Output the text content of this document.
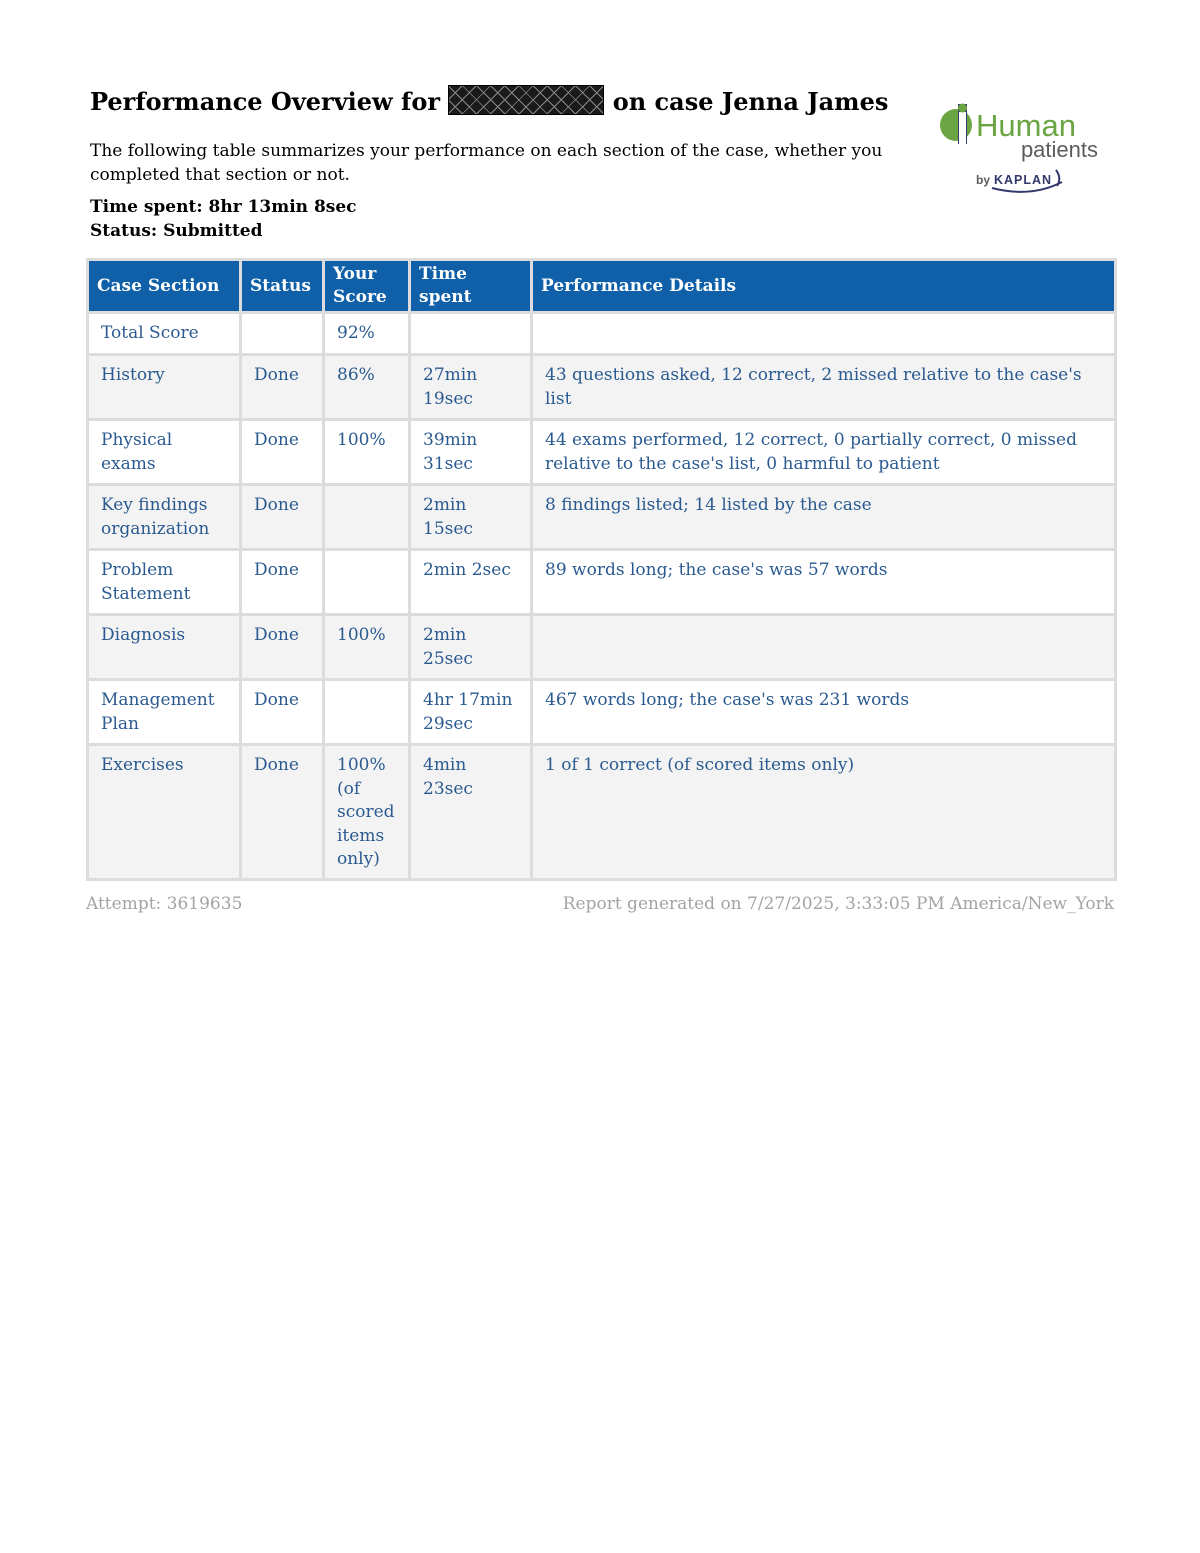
Performance Overview for	on case Jenna James

The following table summarizes your performance on each section of the case, whether you completed that section or not.

Time spent: 8hr 13min 8sec
Status: Submitted
Human
patients
by KAPLAN
Case Section	Status	Your Score	Time spent	Performance Details
Total Score		92%		
History	Done	86%	27min 19sec	43 questions asked, 12 correct, 2 missed relative to the case's list
Physical exams	Done	100%	39min 31sec	44 exams performed, 12 correct, 0 partially correct, 0 missed relative to the case's list, 0 harmful to patient
Key findings organization	Done		2min 15sec	8 findings listed; 14 listed by the case
Problem Statement	Done		2min 2sec	89 words long; the case's was 57 words
Diagnosis	Done	100%	2min 25sec	
Management Plan	Done		4hr 17min 29sec	467 words long; the case's was 231 words
Exercises	Done	100% (of scored items only)	4min 23sec	1 of 1 correct (of scored items only)
Attempt: 3619635	Report generated on 7/27/2025, 3:33:05 PM America/New_York
